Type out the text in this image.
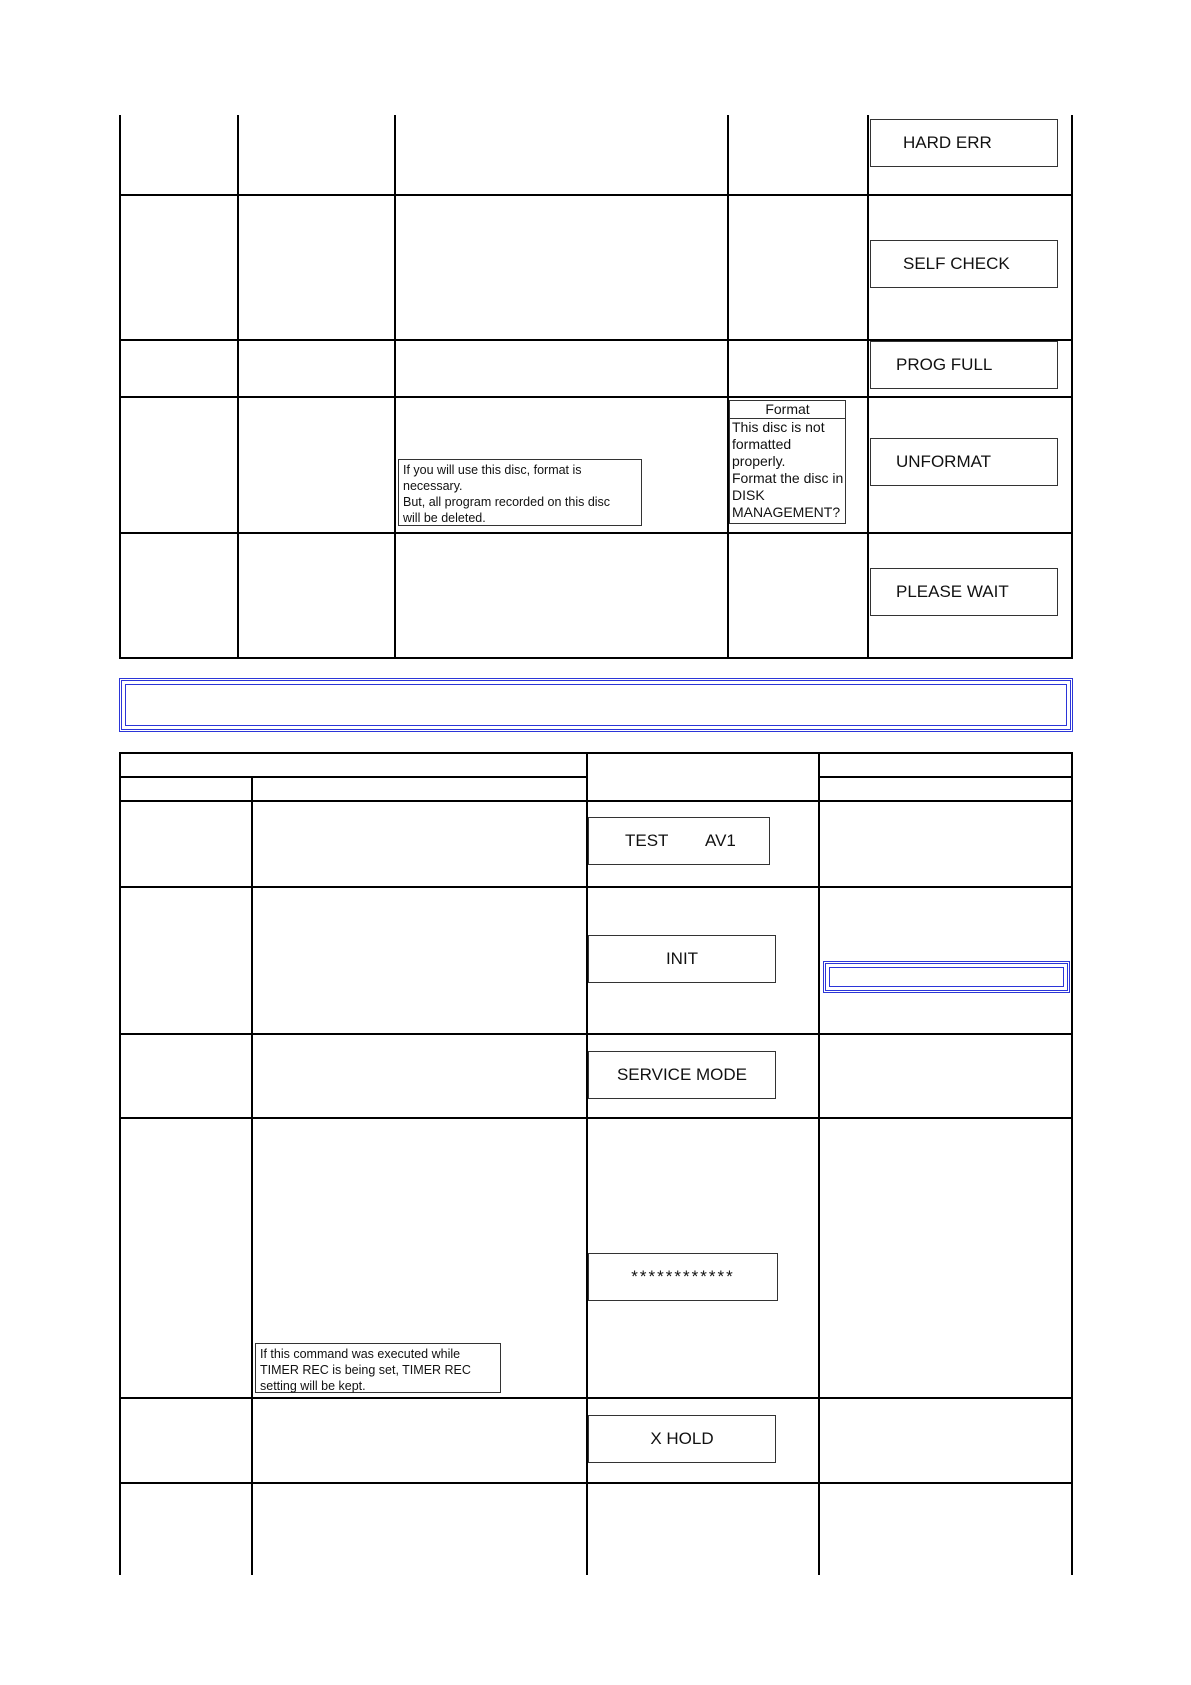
HARD ERR
SELF CHECK
PROG FULL
UNFORMAT
PLEASE WAIT
If you will use this disc, format is
necessary.
But, all program recorded on this disc
will be deleted.
Format
This disc is not
formatted
properly.
Format the disc in
DISK
MANAGEMENT?
TEST        AV1
INIT
SERVICE MODE
************
X HOLD
If this command was executed while
TIMER REC is being set, TIMER REC
setting will be kept.
